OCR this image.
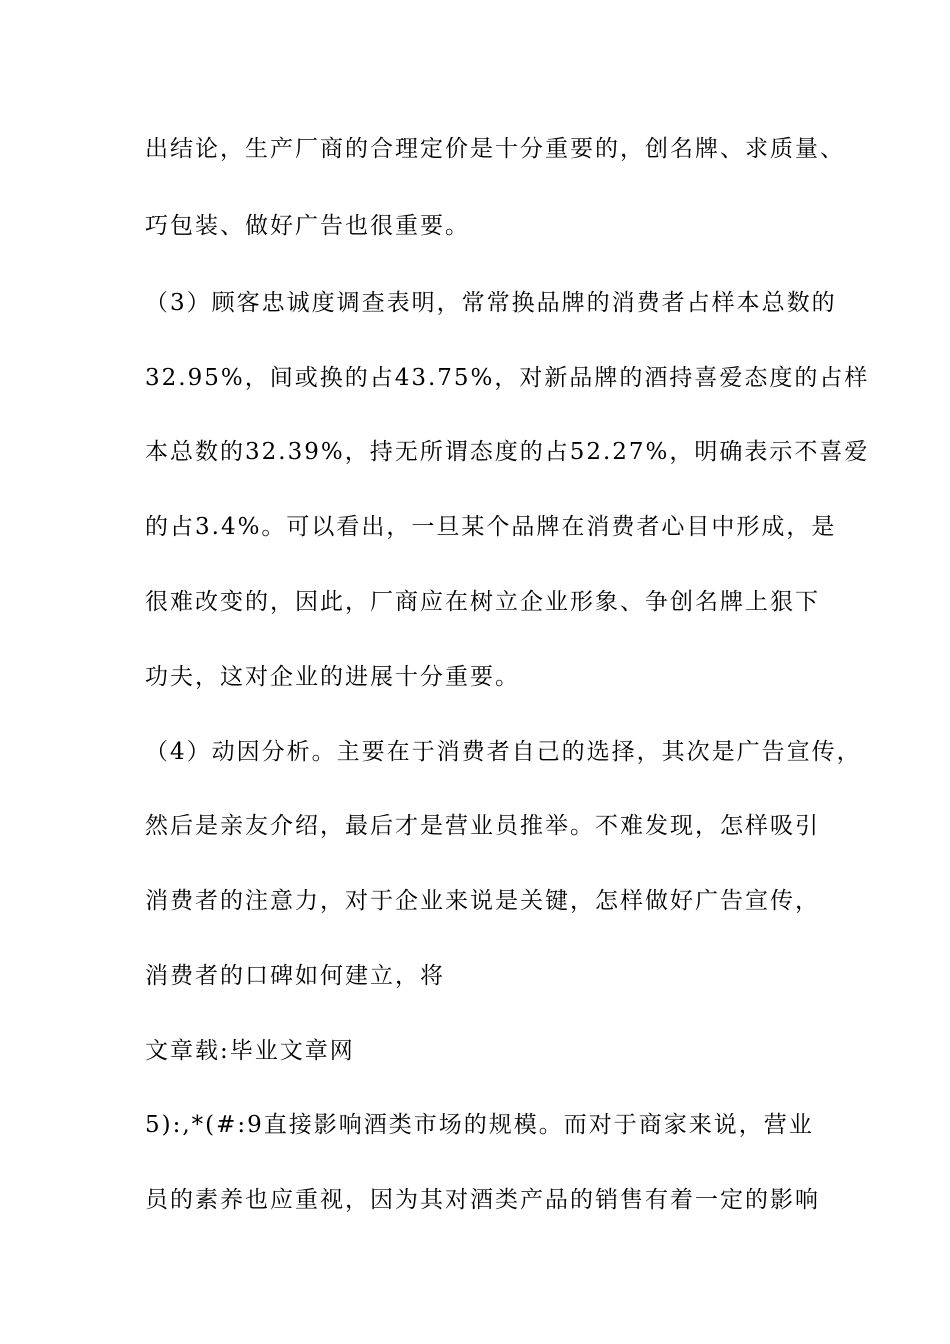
出结论，生产厂商的合理定价是十分重要的，创名牌、求质量、
巧包装、做好广告也很重要。
（3）顾客忠诚度调查表明，常常换品牌的消费者占样本总数的
32.95%，间或换的占43.75%，对新品牌的酒持喜爱态度的占样
本总数的32.39%，持无所谓态度的占52.27%，明确表示不喜爱
的占3.4%。可以看出，一旦某个品牌在消费者心目中形成，是
很难改变的，因此，厂商应在树立企业形象、争创名牌上狠下
功夫，这对企业的进展十分重要。
（4）动因分析。主要在于消费者自己的选择，其次是广告宣传，
然后是亲友介绍，最后才是营业员推举。不难发现，怎样吸引
消费者的注意力，对于企业来说是关键，怎样做好广告宣传，
消费者的口碑如何建立，将
文章载:毕业文章网
5):,*(#:9直接影响酒类市场的规模。而对于商家来说，营业
员的素养也应重视，因为其对酒类产品的销售有着一定的影响
